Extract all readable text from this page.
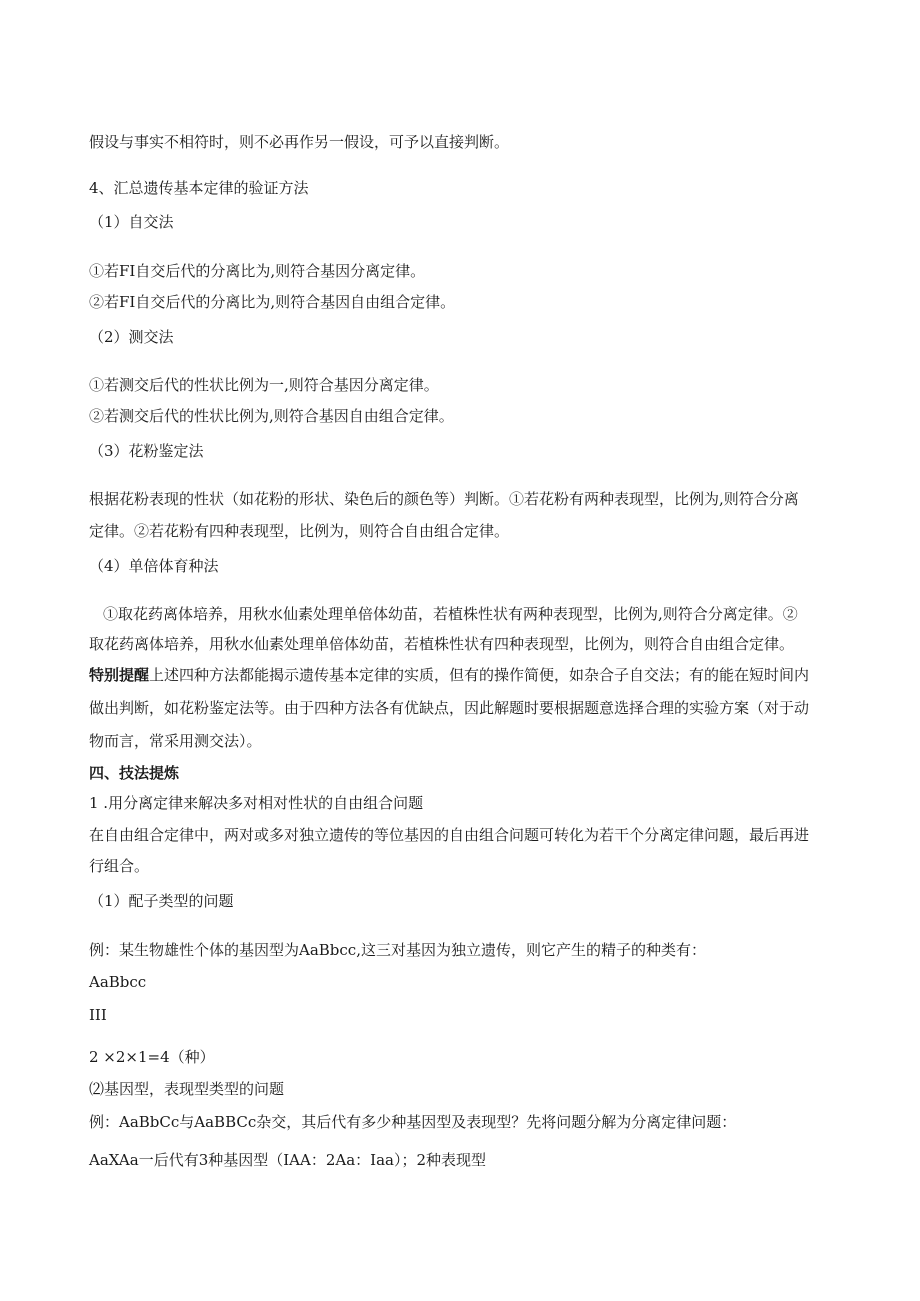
假设与事实不相符时，则不必再作另一假设，可予以直接判断。
4、汇总遗传基本定律的验证方法
（1）自交法
①若FI自交后代的分离比为,则符合基因分离定律。
②若FI自交后代的分离比为,则符合基因自由组合定律。
（2）测交法
①若测交后代的性状比例为一,则符合基因分离定律。
②若测交后代的性状比例为,则符合基因自由组合定律。
（3）花粉鉴定法
根据花粉表现的性状（如花粉的形状、染色后的颜色等）判断。①若花粉有两种表现型，比例为,则符合分离
定律。②若花粉有四种表现型，比例为，则符合自由组合定律。
（4）单倍体育种法
①取花药离体培养，用秋水仙素处理单倍体幼苗，若植株性状有两种表现型，比例为,则符合分离定律。②
取花药离体培养，用秋水仙素处理单倍体幼苗，若植株性状有四种表现型，比例为，则符合自由组合定律。
特别提醒上述四种方法都能揭示遗传基本定律的实质，但有的操作简便，如杂合子自交法；有的能在短时间内
做出判断，如花粉鉴定法等。由于四种方法各有优缺点，因此解题时要根据题意选择合理的实验方案（对于动
物而言，常采用测交法）。
四、技法提炼
1 .用分离定律来解决多对相对性状的自由组合问题
在自由组合定律中，两对或多对独立遗传的等位基因的自由组合问题可转化为若干个分离定律问题，最后再进
行组合。
（1）配子类型的问题
例：某生物雄性个体的基因型为AaBbcc,这三对基因为独立遗传，则它产生的精子的种类有：
AaBbcc
III
2 ×2×1=4（种）
⑵基因型，表现型类型的问题
例：AaBbCc与AaBBCc杂交，其后代有多少种基因型及表现型？先将问题分解为分离定律问题：
AaXAa一后代有3种基因型（IAA：2Aa：Iaa）；2种表现型
